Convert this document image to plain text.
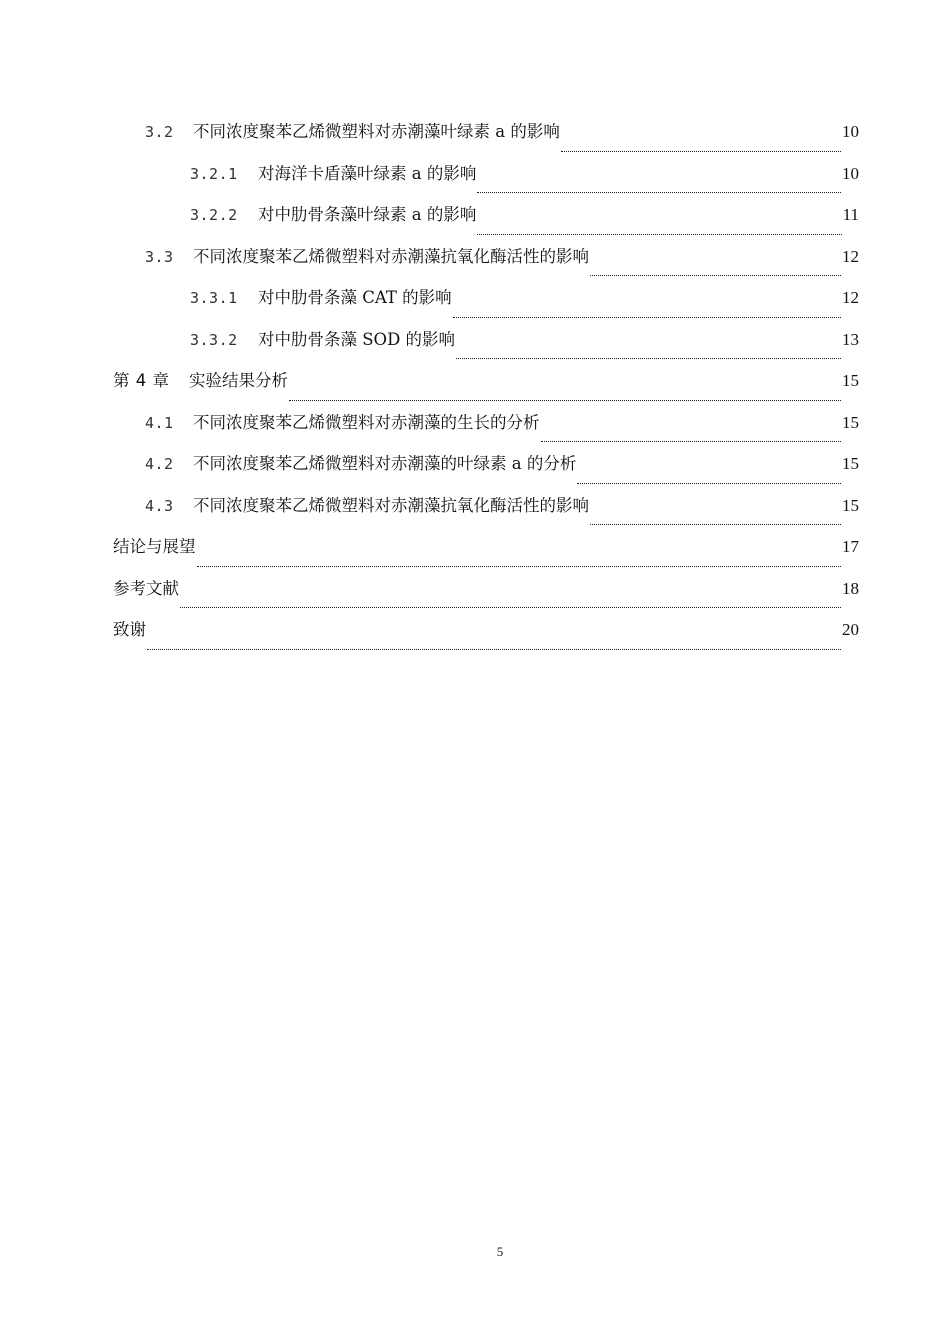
3.2	不同浓度聚苯乙烯微塑料对赤潮藻叶绿素 a 的影响	10
3.2.1	对海洋卡盾藻叶绿素 a 的影响	10
3.2.2	对中肋骨条藻叶绿素 a 的影响	11
3.3	不同浓度聚苯乙烯微塑料对赤潮藻抗氧化酶活性的影响	12
3.3.1	对中肋骨条藻 CAT 的影响	12
3.3.2	对中肋骨条藻 SOD 的影响	13
第 4 章	实验结果分析	15
4.1	不同浓度聚苯乙烯微塑料对赤潮藻的生长的分析	15
4.2	不同浓度聚苯乙烯微塑料对赤潮藻的叶绿素 a 的分析	15
4.3	不同浓度聚苯乙烯微塑料对赤潮藻抗氧化酶活性的影响	15
结论与展望	17
参考文献	18
致谢	20
5
